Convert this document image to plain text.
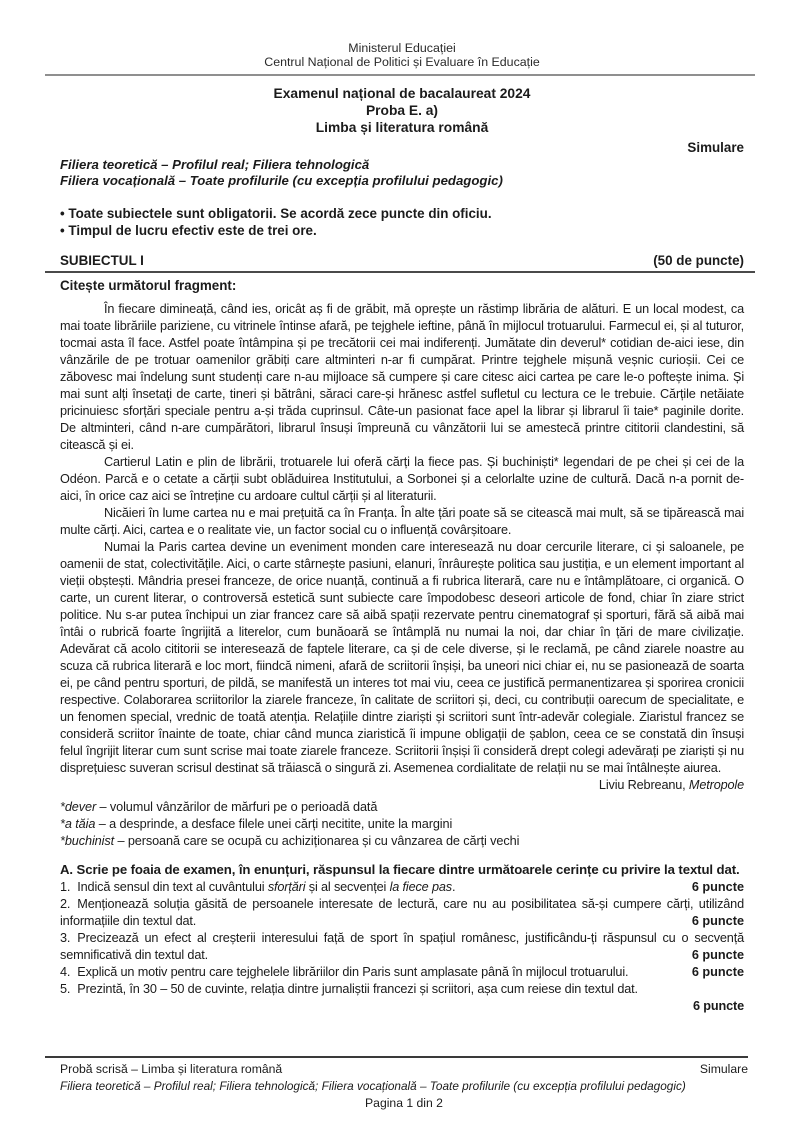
Ministerul Educației
Centrul Național de Politici și Evaluare în Educație
Examenul național de bacalaureat 2024
Proba E. a)
Limba și literatura română
Simulare
Filiera teoretică – Profilul real; Filiera tehnologică
Filiera vocațională – Toate profilurile (cu excepția profilului pedagogic)
• Toate subiectele sunt obligatorii. Se acordă zece puncte din oficiu.
• Timpul de lucru efectiv este de trei ore.
SUBIECTUL I	(50 de puncte)
Citește următorul fragment:

În fiecare dimineață, când ies, oricât aș fi de grăbit, mă oprește un răstimp librăria de alături. E un local modest, ca mai toate librăriile pariziene, cu vitrinele întinse afară, pe tejghele ieftine, până în mijlocul trotuarului. Farmecul ei, și al tuturor, tocmai asta îl face. Astfel poate întâmpina și pe trecătorii cei mai indiferenți. Jumătate din deverul* cotidian de-aici iese, din vânzările de pe trotuar oamenilor grăbiți care altminteri n-ar fi cumpărat. Printre tejghele mișună veșnic curioșii. Cei ce zăbovesc mai îndelung sunt studenți care n-au mijloace să cumpere și care citesc aici cartea pe care le-o poftește inima. Și mai sunt alți însetați de carte, tineri și bătrâni, săraci care-și hrănesc astfel sufletul cu lectura ce le trebuie. Cărțile netăiate pricinuiesc sforțări speciale pentru a-și trăda cuprinsul. Câte-un pasionat face apel la librar și librarul îi taie* paginile dorite. De altminteri, când n-are cumpărători, librarul însuși împreună cu vânzătorii lui se amestecă printre cititorii clandestini, să citească și ei.

Cartierul Latin e plin de librării, trotuarele lui oferă cărți la fiece pas. Și buchiniști* legendari de pe chei și cei de la Odéon. Parcă e o cetate a cărții subt oblăduirea Institutului, a Sorbonei și a celorlalte uzine de cultură. Dacă n-a pornit de-aici, în orice caz aici se întreține cu ardoare cultul cărții și al literaturii.

Nicăieri în lume cartea nu e mai prețuită ca în Franța. În alte țări poate să se citească mai mult, să se tipărească mai multe cărți. Aici, cartea e o realitate vie, un factor social cu o influență covârșitoare.

Numai la Paris cartea devine un eveniment monden care interesează nu doar cercurile literare, ci și saloanele, pe oamenii de stat, colectivitățile. Aici, o carte stârnește pasiuni, elanuri, înrâurește politica sau justiția, e un element important al vieții obștești. Mândria presei franceze, de orice nuanță, continuă a fi rubrica literară, care nu e întâmplătoare, ci organică. O carte, un curent literar, o controversă estetică sunt subiecte care împodobesc deseori articole de fond, chiar în ziare strict politice. Nu s-ar putea închipui un ziar francez care să aibă spații rezervate pentru cinematograf și sporturi, fără să aibă mai întâi o rubrică foarte îngrijită a literelor, cum bunăoară se întâmplă nu numai la noi, dar chiar în țări de mare civilizație. Adevărat că acolo cititorii se interesează de faptele literare, ca și de cele diverse, și le reclamă, pe când ziarele noastre au scuza că rubrica literară e loc mort, fiindcă nimeni, afară de scriitorii înșiși, ba uneori nici chiar ei, nu se pasionează de soarta ei, pe când pentru sporturi, de pildă, se manifestă un interes tot mai viu, ceea ce justifică permanentizarea și sporirea cronicii respective. Colaborarea scriitorilor la ziarele franceze, în calitate de scriitori și, deci, cu contribuții oarecum de specialitate, e un fenomen special, vrednic de toată atenția. Relațiile dintre ziariști și scriitori sunt într-adevăr colegiale. Ziaristul francez se consideră scriitor înainte de toate, chiar când munca ziaristică îi impune obligații de șablon, ceea ce se constată din însuși felul îngrijit literar cum sunt scrise mai toate ziarele franceze. Scriitorii înșiși îi consideră drept colegi adevărați pe ziariști și nu disprețuiesc suveran scrisul destinat să trăiască o singură zi. Asemenea cordialitate de relații nu se mai întâlnește aiurea.

Liviu Rebreanu, Metropole
*dever – volumul vânzărilor de mărfuri pe o perioadă dată
*a tăia – a desprinde, a desface filele unei cărți necitite, unite la margini
*buchinist – persoană care se ocupă cu achiziționarea și cu vânzarea de cărți vechi
A. Scrie pe foaia de examen, în enunțuri, răspunsul la fiecare dintre următoarele cerințe cu privire la textul dat.
1. Indică sensul din text al cuvântului sforțări și al secvenței la fiece pas.	6 puncte
2. Menționează soluția găsită de persoanele interesate de lectură, care nu au posibilitatea să-și cumpere cărți, utilizând informațiile din textul dat.	6 puncte
3. Precizează un efect al creșterii interesului față de sport în spațiul românesc, justificându-ți răspunsul cu o secvență semnificativă din textul dat.	6 puncte
4. Explică un motiv pentru care tejghelele librăriilor din Paris sunt amplasate până în mijlocul trotuarului.	6 puncte
5. Prezintă, în 30 – 50 de cuvinte, relația dintre jurnaliștii francezi și scriitori, așa cum reiese din textul dat.
6 puncte
Probă scrisă – Limba și literatura română	Simulare
Filiera teoretică – Profilul real; Filiera tehnologică; Filiera vocațională – Toate profilurile (cu excepția profilului pedagogic)
Pagina 1 din 2
